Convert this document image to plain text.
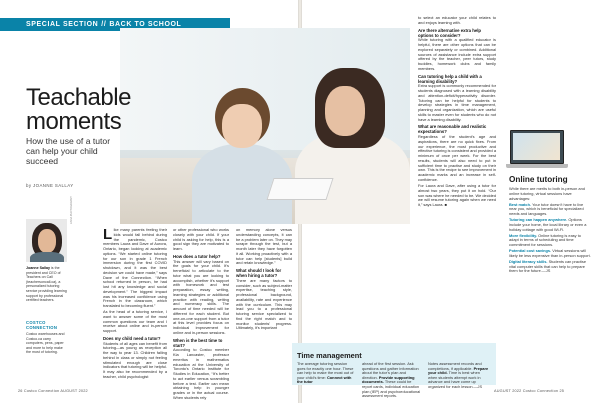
SPECIAL SECTION // BACK TO SCHOOL
Teachable moments
How the use of a tutor can help your child succeed
by JOANNE SALLAY
ANNA PHOTOGRAPHY
Joanne Sallay is the president and CEO of Teachers on Call (teachersoncall.ca), a personalized tutoring service providing learning support by professional certified teachers.
COSTCO CONNECTION
Costco warehouses and Costco.ca carry computers, pens, paper and more to help make the most of tutoring.

Like many parents feeling their kids would fall behind during the pandemic, Costco members Laura and Dave of Aurora, Ontario, began looking at academic options. “We started online tutoring for our son in grade 1 French immersion during the first COVID shutdown, and it was the best decision we could have made,” says Dave of the Connection. “When school returned in person, he had lost hit any knowledge and social development.” The biggest impact was his increased confidence using French in the classroom, which translated to becoming fluent.”

As the head of a tutoring service, I want to answer some of the most common questions our team and I receive about online and in-person support.

Does my child need a tutor?

Students of all ages can benefit from tutoring—as young as reception all the way to year 13. Children falling behind in class or simply not feeling stimulated enough are close indicators that tutoring will be helpful. It may also be recommended by a teacher, child psychologist

or other professional who works closely with your child. If your child is asking for help, this is a good sign they are motivated to learn.

How does a tutor help?

This answer will vary based on the goals for your child. It’s beneficial to articulate to the tutor what you are looking to accomplish, whether it’s support with homework and test preparation, essay writing, learning strategies or additional practice with reading, writing and numeracy skills. The amount of time needed will be different for each student. But one-on-one support from a tutor at this level provides focus on individual improvement for online and in-person sessions.

When is the best time to start?

According to Costco member Kia Lancaster, professor emeritus in mathematics education at the University of Toronto’s Ontario Institute for Studies in Education, “It’s better to act earlier versus scrambling before a test. Earlier can mean obtaining help in younger grades or in the actual course. When students rely

on memory alone versus understanding concepts, it can be a problem later on. They may scrape through the test, but a month later they have forgotten it all. Working proactively with a tutor can help [students] build and retain knowledge.”

What should I look for when hiring a tutor?

There are many factors to consider, such as subject-matter expertise, teaching style, professional background, availability, rate and experience with the curriculum. This may lead you to a professional tutoring service specialized to find the right match and to monitor students’ progress. Ultimately, it’s important

to select an educator your child relates to and enjoys learning with.

Are there alternative extra help options to consider?

While tutoring with a qualified educator is helpful, there are other options that can be explored separately or combined. Additional sources of assistance include extra support offered by the teacher, peer tutors, study buddies, homework clubs and family members.

Can tutoring help a child with a learning disability?

Extra support is commonly recommended for students diagnosed with a learning disability and attention-deficit/hyperactivity disorder. Tutoring can be helpful for students to develop strategies in time management, planning and organization, which are useful skills to master even for students who do not have a learning disability.

What are reasonable and realistic expectations?

Regardless of the student’s age and aspirations, there are no quick fixes. From our experience, the most productive and effective tutoring is consistent and provided a minimum of once per week. For the best results, students will also need to put in sufficient time to practise and study on their own. This is the recipe to see improvement in academic marks and an increase in self-confidence.

For Laura and Dave, after using a tutor for almost two years, they put it on hold. “Our son was where he needed to be. We decided we will resume tutoring again when we need it,” says Laura. ■

Online tutoring

While there are merits to both in-person and online tutoring, virtual sessions have advantages:

Best match. Your tutor doesn’t have to live near you, which is beneficial for specialized needs and languages.

Tutoring can happen anywhere. Options include your home, the local library or even a holiday cottage with good Wi-Fi.

More flexibility. Online tutoring is easy to adapt in terms of scheduling and time commitment for sessions.

Potential cost savings. Virtual sessions will likely be less expensive than in-person support.

Digital literacy skills. Students can practise vital computer skills that can help to prepare them for the future.—JS

Time management
The average tutoring session goes for exactly one hour. These can help to make the most out of your child’s time: Connect with the tutor
ahead of the first session. Ask questions and gather information about the tutor’s plan and direction. Provide supporting documents. These could be report cards, individual education plan (IEP) and psychoeducational assessment reports.
Notes assessment records and completions, if applicable. Prepare your child. Time is best when when students attempt work in advance and have come up organized for each lesson.—JS
26 Costco Connection AUGUST 2022	AUGUST 2022 Costco Connection 25
